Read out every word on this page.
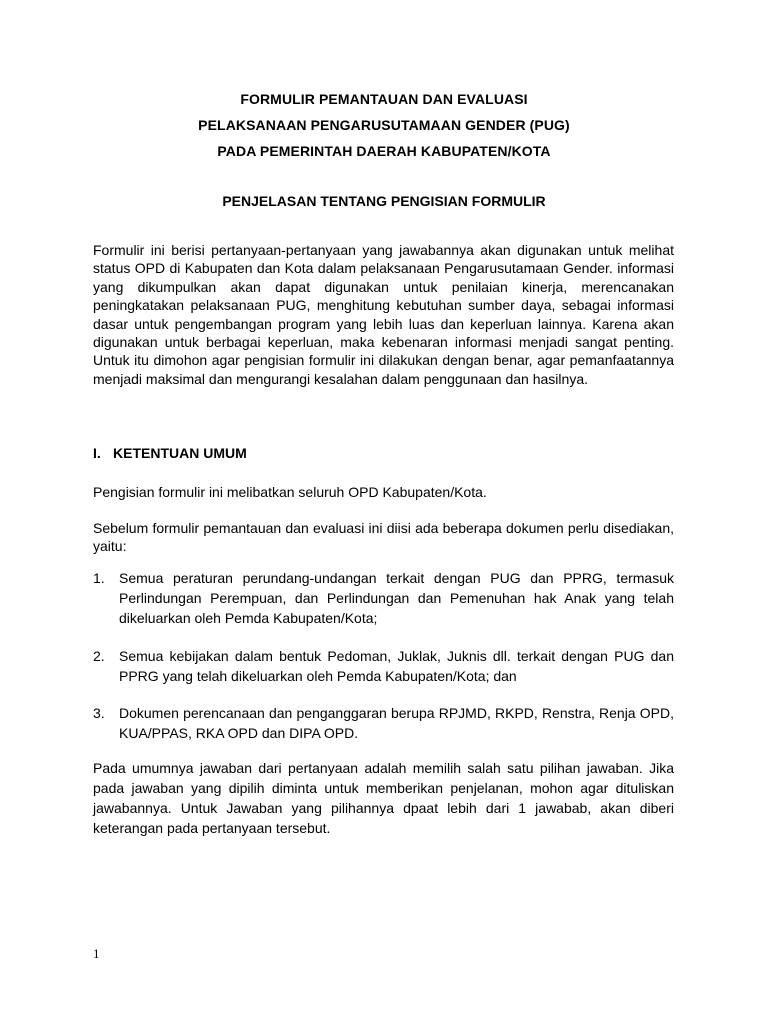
FORMULIR PEMANTAUAN DAN EVALUASI
PELAKSANAAN PENGARUSUTAMAAN GENDER (PUG)
PADA PEMERINTAH DAERAH KABUPATEN/KOTA
PENJELASAN TENTANG PENGISIAN FORMULIR
Formulir ini berisi pertanyaan-pertanyaan yang jawabannya akan digunakan untuk melihat status OPD di Kabupaten dan Kota dalam pelaksanaan Pengarusutamaan Gender. informasi yang dikumpulkan akan dapat digunakan untuk penilaian kinerja, merencanakan peningkatakan pelaksanaan PUG, menghitung kebutuhan sumber daya, sebagai informasi dasar untuk pengembangan program yang lebih luas dan keperluan lainnya. Karena akan digunakan untuk berbagai keperluan, maka kebenaran informasi menjadi sangat penting. Untuk itu dimohon agar pengisian formulir ini dilakukan dengan benar, agar pemanfaatannya menjadi maksimal dan mengurangi kesalahan dalam penggunaan dan hasilnya.
I. KETENTUAN UMUM
Pengisian formulir ini melibatkan seluruh OPD Kabupaten/Kota.
Sebelum formulir pemantauan dan evaluasi ini diisi ada beberapa dokumen perlu disediakan, yaitu:
1.	Semua peraturan perundang-undangan terkait dengan PUG dan PPRG, termasuk Perlindungan Perempuan, dan Perlindungan dan Pemenuhan hak Anak yang telah dikeluarkan oleh Pemda Kabupaten/Kota;
2.	Semua kebijakan dalam bentuk Pedoman, Juklak, Juknis dll. terkait dengan PUG dan PPRG yang telah dikeluarkan oleh Pemda Kabupaten/Kota; dan
3.	Dokumen perencanaan dan penganggaran berupa RPJMD, RKPD, Renstra, Renja OPD, KUA/PPAS, RKA OPD dan DIPA OPD.
Pada umumnya jawaban dari pertanyaan adalah memilih salah satu pilihan jawaban. Jika pada jawaban yang dipilih diminta untuk memberikan penjelanan, mohon agar dituliskan jawabannya. Untuk Jawaban yang pilihannya dpaat lebih dari 1 jawabab, akan diberi keterangan pada pertanyaan tersebut.
1
